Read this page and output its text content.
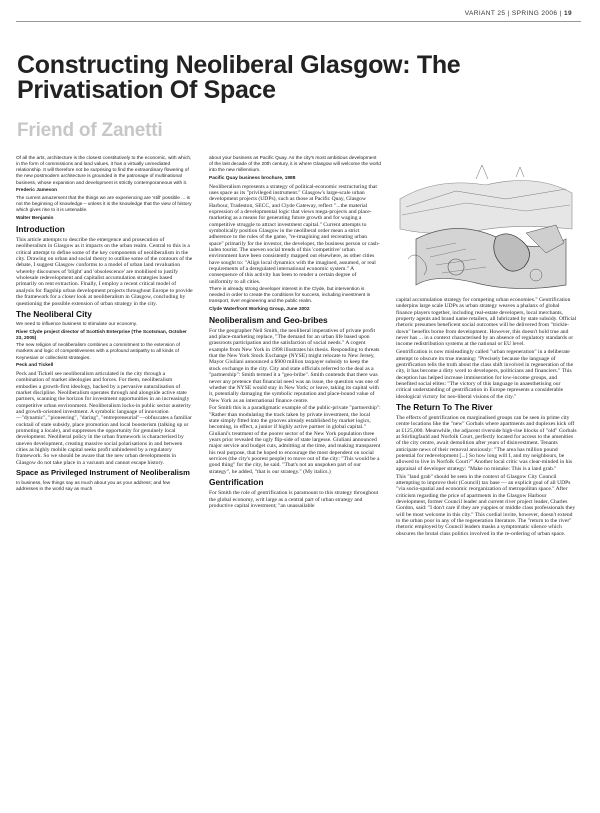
VARIANT 25 | SPRING 2006 | 19
Constructing Neoliberal Glasgow: The Privatisation Of Space
Friend of Zanetti

Of all the arts, architecture is the closest constitutively to the economic, with which, in the form of commissions and land values, it has a virtually unmediated relationship. It will therefore not be surprising to find the extraordinary flowering of the new postmodern architecture is grounded in the patronage of multinational business, whose expansion and development is strictly contemporaneous with it.

Frederic Jameson

The current amazement that the things we are experiencing are 'still' possible ... is not the beginning of knowledge – unless it is the knowledge that the view of history which gives rise to it is untenable.

Walter Benjamin

Introduction

This article attempts to describe the emergence and prosecution of neoliberalism in Glasgow as it impacts on the urban realm. Central to this is a critical attempt to define some of the key components of neoliberalism in the city. Drawing on urban and social theory to outline some of the contours of the debate, I suggest Glasgow conforms to a model of urban land revaluation whereby discourses of 'blight' and 'obsolescence' are mobilised to justify wholesale redevelopment and capitalist accumulation strategies based primarily on rent extraction. Finally, I employ a recent critical model of analysis for flagship urban development projects throughout Europe to provide the framework for a closer look at neoliberalism in Glasgow, concluding by questioning the possible extension of urban strategy in the city.

The Neoliberal City

We need to influence business to stimulate our economy.

River Clyde project director of Scottish Enterprise (The Scotsman, October 23, 2005)

The new religion of neoliberalism combines a commitment to the extension of markets and logic of competitiveness with a profound antipathy to all kinds of Keynesian or collectivist strategies.

Peck and Tickell

Peck and Tickell see neoliberalism articulated in the city through a combination of market ideologies and forces. For them, neoliberalism embodies a growth-first ideology, backed by a pervasive naturalisation of market discipline. Neoliberalism operates through and alongside active state partners, scanning the horizon for investment opportunities in an increasingly competitive urban environment. Neoliberalism locks-in public sector austerity and growth-oriented investment. A symbolic language of innovation—"dynamic", "pioneering", "daring", "entrepreneurial"—obfuscates a familiar cocktail of state subsidy, place promotion and local boosterism (talking up or promoting a locale), and suppresses the opportunity for genuinely local development. Neoliberal policy in the urban framework is characterised by uneven development, creating massive social polarisations in and between cities as highly mobile capital seeks profit unhindered by a regulatory framework. So we should be aware that the new urban developments in Glasgow do not take place in a vacuum and cannot escape history.

Space as Privileged Instrument of Neoliberalism

In business, few things say as much about you as your address; and few addresses in the world say as much

about your business as Pacific Quay. As the city's most ambitious development of the last decade of the 20th century, it is where Glasgow will welcome the world into the new millennium.

Pacific Quay business brochure, 1988

Neoliberalism represents a strategy of political-economic restructuring that uses space as its "privileged instrument." Glasgow's large-scale urban development projects (UDPs), such as those at Pacific Quay, Glasgow Harbour, Tradeston, SECC, and Clyde Gateway, reflect "...the material expression of a developmental logic that views mega-projects and place-marketing as a means for generating future growth and for waging a competitive struggle to attract investment capital." Current attempts to symbolically position Glasgow in the neoliberal order mean a strict adherence to the rules of the game, "re-imagining and recreating urban space" primarily for the investor, the developer, the business person or cash-laden tourist. The uneven social trends of this 'competitive' urban environment have been consistently mapped out elsewhere, as other cities have sought to: "Align local dynamics with the imagined, assumed, or real requirements of a deregulated international economic system." A consequence of this activity has been to render a certain degree of uniformity to all cities.

There is already strong developer interest in the Clyde, but intervention is needed in order to create the conditions for success, including investment in transport, river engineering and the public realm.

Clyde Waterfront Working Group, June 2002

Neoliberalism and Geo-bribes

For the geographer Neil Smith, the neoliberal imperatives of private profit and place-marketing replace, "The demand for an urban life based upon grassroots participation and the satisfaction of social needs." A cogent example from New York in 1998 illustrates his thesis. Responding to threats that the New York Stock Exchange (NYSE) might relocate to New Jersey, Mayor Giuliani announced a $900 million taxpayer subsidy to keep the stock exchange in the city. City and state officials referred to the deal as a "partnership": Smith termed it a "geo-bribe". Smith contends that there was never any pretence that financial need was an issue, the question was one of whether the NYSE would stay in New York; or leave, taking its capital with it, potentially damaging the symbolic reputation and place-bound value of New York as an international finance centre.

For Smith this is a paradigmatic example of the public-private "partnership": "Rather than modulating the track taken by private investment, the local state simply fitted into the grooves already established by market logics, becoming, in effect, a junior if highly active partner in global capital." Giuliani's treatment of the poorer sector of the New York population three years prior revealed the ugly flip-side of state largesse. Giuliani announced major service and budget cuts, admitting at the time, and making transparent his real purpose, that he hoped to encourage the most dependent on social services (the city's poorest people) to move out of the city: "This would be a good thing" for the city, he said. "That's not an unspoken part of our strategy", he added, "that is our strategy." (My italics.)

Gentrification

For Smith the role of gentrification is paramount to this strategy throughout the global economy, writ large as a central part of urban strategy and productive capital investment; "an unassailable

capital accumulation strategy for competing urban economies." Gentrification underpins large scale UDPs as urban strategy weaves a phalanx of global finance players together, including real-estate developers, local merchants, property agents and brand name retailers, all lubricated by state subsidy. Official rhetoric presumes beneficent social outcomes will be delivered from "trickle-down" benefits borne from development. However, this doesn't hold true and never has ... in a context characterised by an absence of regulatory standards or income redistribution systems at the national or EU level.

Gentrification is now misleadingly called "urban regeneration" in a deliberate attempt to obscure its true meaning: "Precisely because the language of gentrification tells the truth about the class shift involved in regeneration of the city, it has become a dirty word to developers, politicians and financiers." This deception has helped increase immiseration for low-income groups, and benefited social elites: "The victory of this language in anaesthetising our critical understanding of gentrification in Europe represents a considerable ideological victory for neo-liberal visions of the city."

The Return To The River

The effects of gentrification on marginalised groups can be seen in prime city centre locations like the "new" Gorbals where apartments and duplexes kick off at £125,000. Meanwhile, the adjacent riverside high-rise blocks of "old" Gorbals at Stirlingfauld and Norfolk Court, perfectly located for access to the amenities of the city centre, await demolition after years of disinvestment. Tenants anticipate news of their removal anxiously: "The area has million pound potential for redevelopment [...] So how long will I, and my neighbours, be allowed to live in Norfolk Court?" Another local critic was clear-minded in his appraisal of developer strategy: "Make no mistake: This is a land grab."

This "land grab" should be seen in the context of Glasgow City Council attempting to improve their (Council) tax base — an explicit goal of all UDPs "via socio-spatial and economic reorganization of metropolitan space." After criticism regarding the price of apartments in the Glasgow Harbour development, former Council leader and current river project leader, Charles Gordon, said: "I don't care if they are yuppies or middle class professionals they will be most welcome in this city." This cordial invite, however, doesn't extend to the urban poor in any of the regeneration literature. The "return to the river" rhetoric employed by Council leaders masks a symptomatic silence which obscures the brutal class politics involved in the re-ordering of urban space.
